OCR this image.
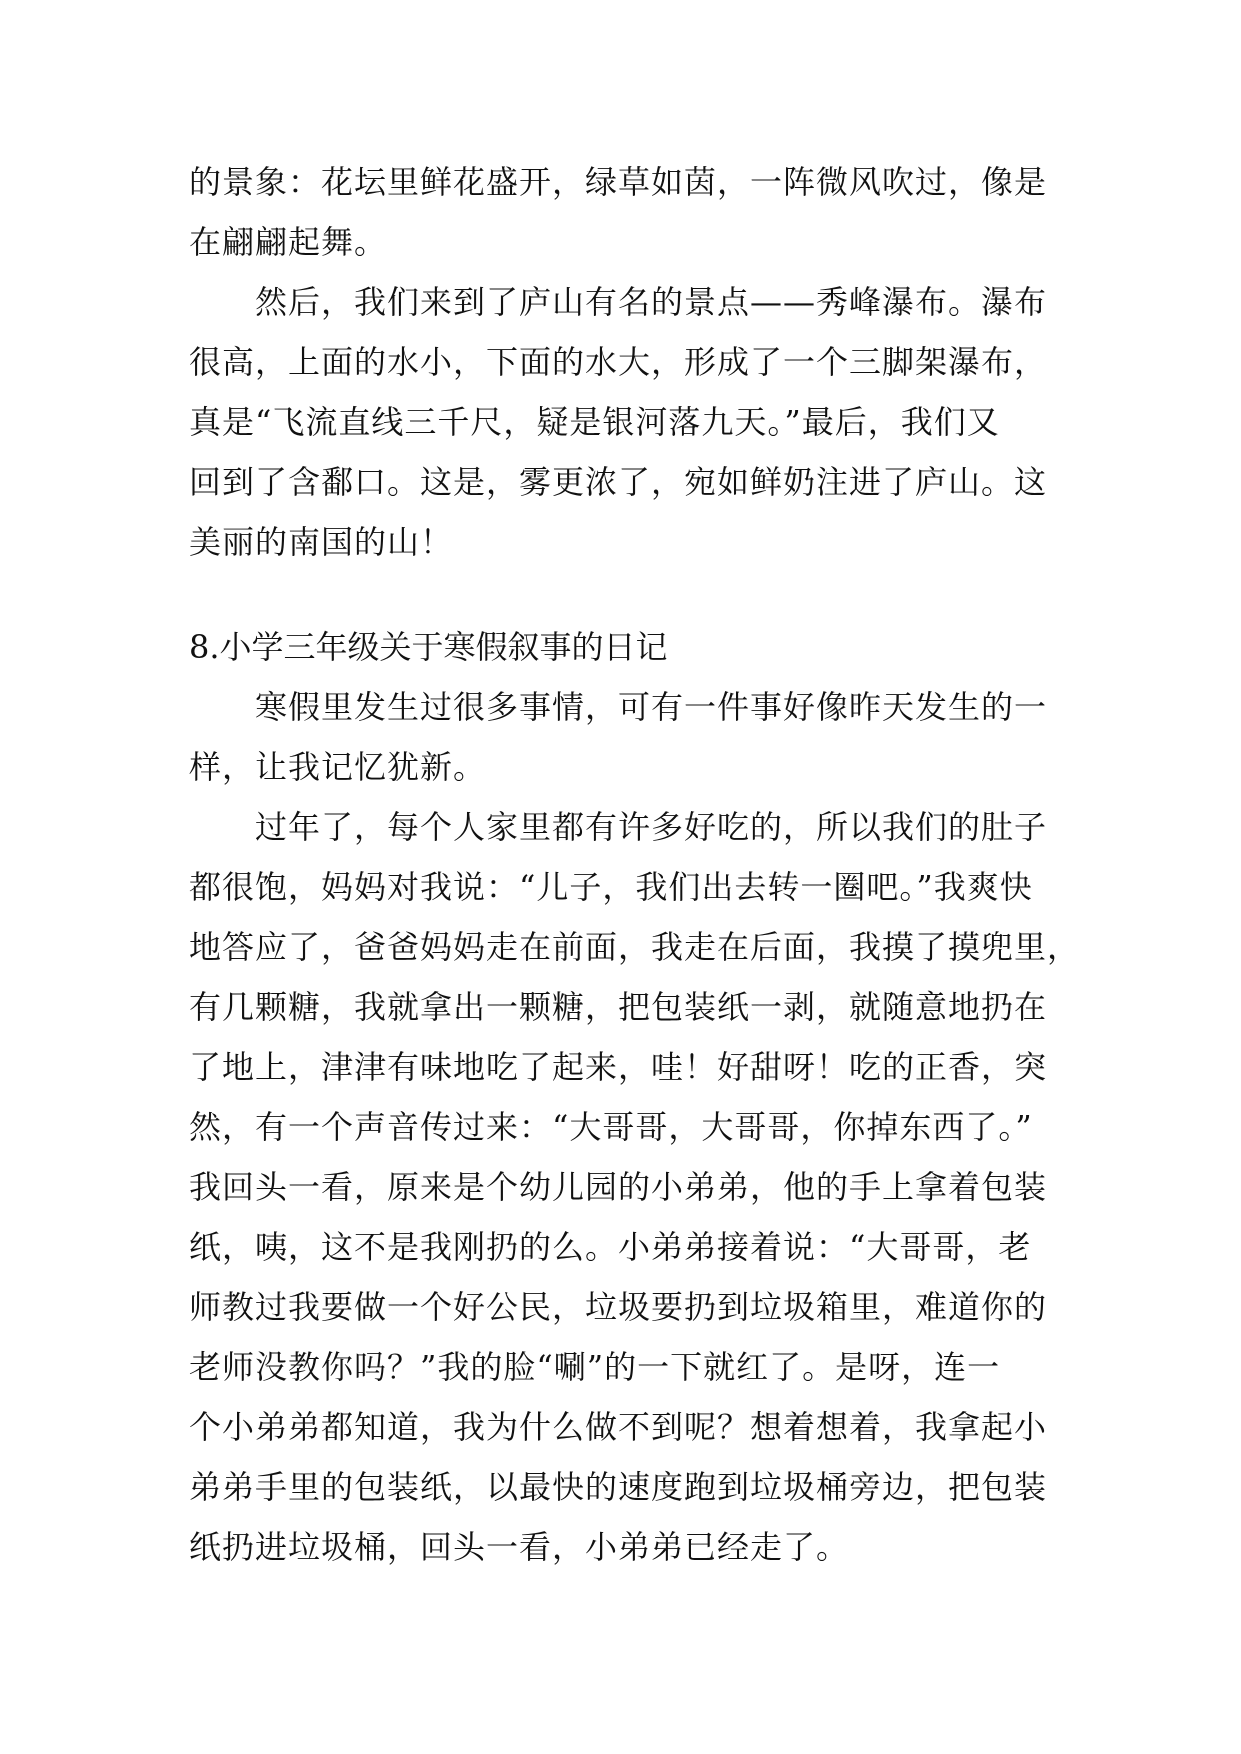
的景象：花坛里鲜花盛开，绿草如茵，一阵微风吹过，像是
在翩翩起舞。
　　然后，我们来到了庐山有名的景点——秀峰瀑布。瀑布
很高，上面的水小，下面的水大，形成了一个三脚架瀑布，
真是“飞流直线三千尺，疑是银河落九天。”最后，我们又
回到了含鄱口。这是，雾更浓了，宛如鲜奶注进了庐山。这
美丽的南国的山！
8.小学三年级关于寒假叙事的日记
　　寒假里发生过很多事情，可有一件事好像昨天发生的一
样，让我记忆犹新。
　　过年了，每个人家里都有许多好吃的，所以我们的肚子
都很饱，妈妈对我说：“儿子，我们出去转一圈吧。”我爽快
地答应了，爸爸妈妈走在前面，我走在后面，我摸了摸兜里，
有几颗糖，我就拿出一颗糖，把包装纸一剥，就随意地扔在
了地上，津津有味地吃了起来，哇！好甜呀！吃的正香，突
然，有一个声音传过来：“大哥哥，大哥哥，你掉东西了。”
我回头一看，原来是个幼儿园的小弟弟，他的手上拿着包装
纸，咦，这不是我刚扔的么。小弟弟接着说：“大哥哥，老
师教过我要做一个好公民，垃圾要扔到垃圾箱里，难道你的
老师没教你吗？”我的脸“唰”的一下就红了。是呀，连一
个小弟弟都知道，我为什么做不到呢？想着想着，我拿起小
弟弟手里的包装纸，以最快的速度跑到垃圾桶旁边，把包装
纸扔进垃圾桶，回头一看，小弟弟已经走了。
